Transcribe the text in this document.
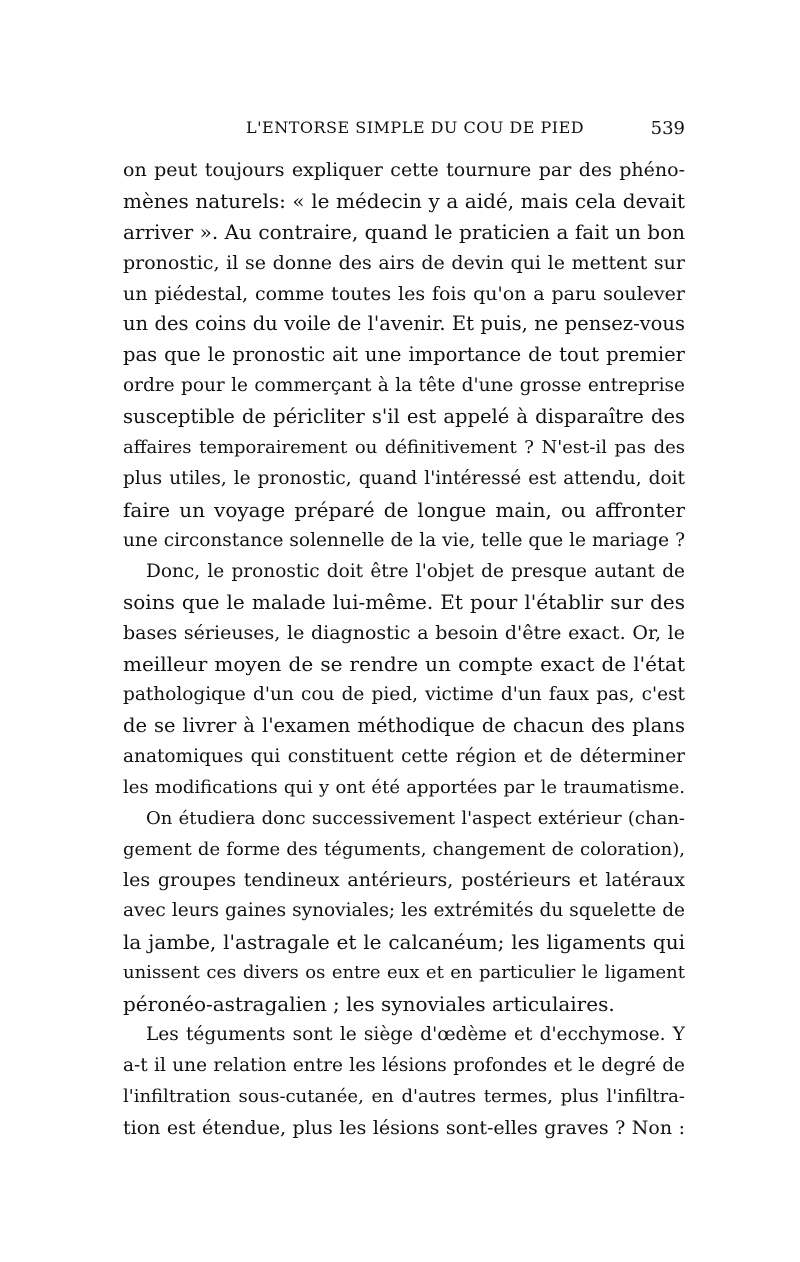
L'ENTORSE SIMPLE DU COU DE PIED	539
on peut toujours expliquer cette tournure par des phéno-
mènes naturels: « le médecin y a aidé, mais cela devait
arriver ». Au contraire, quand le praticien a fait un bon
pronostic, il se donne des airs de devin qui le mettent sur
un piédestal, comme toutes les fois qu'on a paru soulever
un des coins du voile de l'avenir. Et puis, ne pensez-vous
pas que le pronostic ait une importance de tout premier
ordre pour le commerçant à la tête d'une grosse entreprise
susceptible de péricliter s'il est appelé à disparaître des
affaires temporairement ou définitivement ? N'est-il pas des
plus utiles, le pronostic, quand l'intéressé est attendu, doit
faire un voyage préparé de longue main, ou affronter
une circonstance solennelle de la vie, telle que le mariage ?
Donc, le pronostic doit être l'objet de presque autant de
soins que le malade lui-même. Et pour l'établir sur des
bases sérieuses, le diagnostic a besoin d'être exact. Or, le
meilleur moyen de se rendre un compte exact de l'état
pathologique d'un cou de pied, victime d'un faux pas, c'est
de se livrer à l'examen méthodique de chacun des plans
anatomiques qui constituent cette région et de déterminer
les modifications qui y ont été apportées par le traumatisme.
On étudiera donc successivement l'aspect extérieur (chan-
gement de forme des téguments, changement de coloration),
les groupes tendineux antérieurs, postérieurs et latéraux
avec leurs gaines synoviales; les extrémités du squelette de
la jambe, l'astragale et le calcanéum; les ligaments qui
unissent ces divers os entre eux et en particulier le ligament
péronéo-astragalien ; les synoviales articulaires.
Les téguments sont le siège d'œdème et d'ecchymose. Y
a-t il une relation entre les lésions profondes et le degré de
l'infiltration sous-cutanée, en d'autres termes, plus l'infiltra-
tion est étendue, plus les lésions sont-elles graves ? Non :
